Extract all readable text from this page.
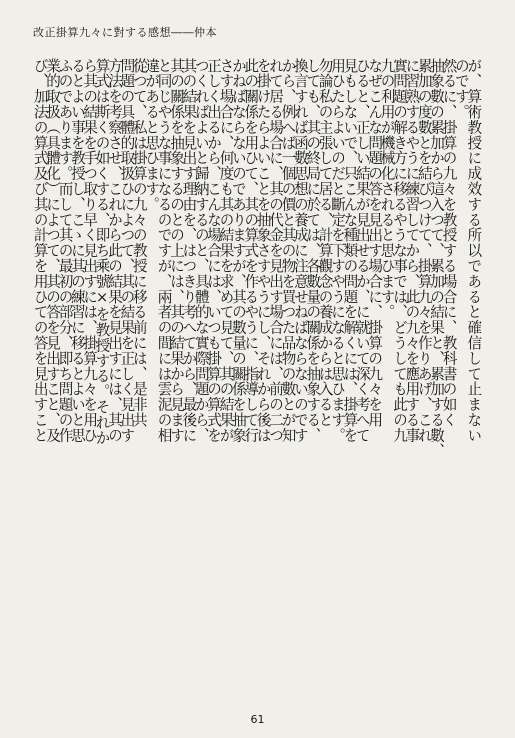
改正掛算九々に對する感想――仲本
が、算術教授に成效する所以であると確信して止まない
のです。
然るに、掛算の九々を教授する場合に、教科書の如く
抽象數の累加から這入つて、累加の結果と、累加する數、
累加の度數とを結びつけて、掛算九々を作りあげ、これ
に習熟するやうに練習してから、此の九々を應用する事
實問題の解き方に移るやうな事では、どうしても此の九
九の利用が機械化されると思ひます。
なぜこんな問題の答を見出す場合に、掛算の九々を用
ひると、正しい結果が見出せるか、に就いて深く考へて
見もしないで、只こんな種類の問題を解くには、掛算を
用ひたらよいのだと斷定を下すやうになると思ひます。
勿論私の主張して居る、計算觀念の養成からは入ると
しても、其の終局に於ては、各數量の關係を抽象する、
換言すれば函數思想の養成に注意せねばならないのです
から、例へば一個の價と其の物を買つた品物の數とが知
れて居る場合に、其の代金を見出す場合には、前の二つ
を掛けたらよいことを抽象さすやうにし、それから後は
此の關係を用ひて、其の算式を作るやうに、指導して行
かねばならないのでありますが、其の數量の關係を抽象
さす場合に、何度も其の結果を求めて見て、其の結果が
正しく出るから、こんな場合には、いつも掛算の算式を
つくればよいと歸納するのと、具體的な實際問題から、
其の結果を見出す理由を、はつきり考へてから、最後に
其の關係を抽象するのとの上には、其の結果から見ます
と同じやうな事になるのですが、兩者の間には雲泥の相
違があると思ひます。
從つて、私は掛算の九々の教授に移る前には、是非共
問題の具體的取扱ひによつて、其の結果を正しく見出す
方法を考察させ、これから此の結果を見出すには、其の
算式は斯くの如くする、即ち乘號×を教授する。それか
ら其の結果を手つ取り早く見出すには、掛算九々を用ひ
るとよい事を教授し、こゝに其の練習に移るとよいと思
ふのであります。而して其の最初の部分、即ち問題の作
業的取扱（具體化）によつて、其の答を見出すこと、及
び、加法の算式及び其の計算を用ひての答を見出すこと
61
